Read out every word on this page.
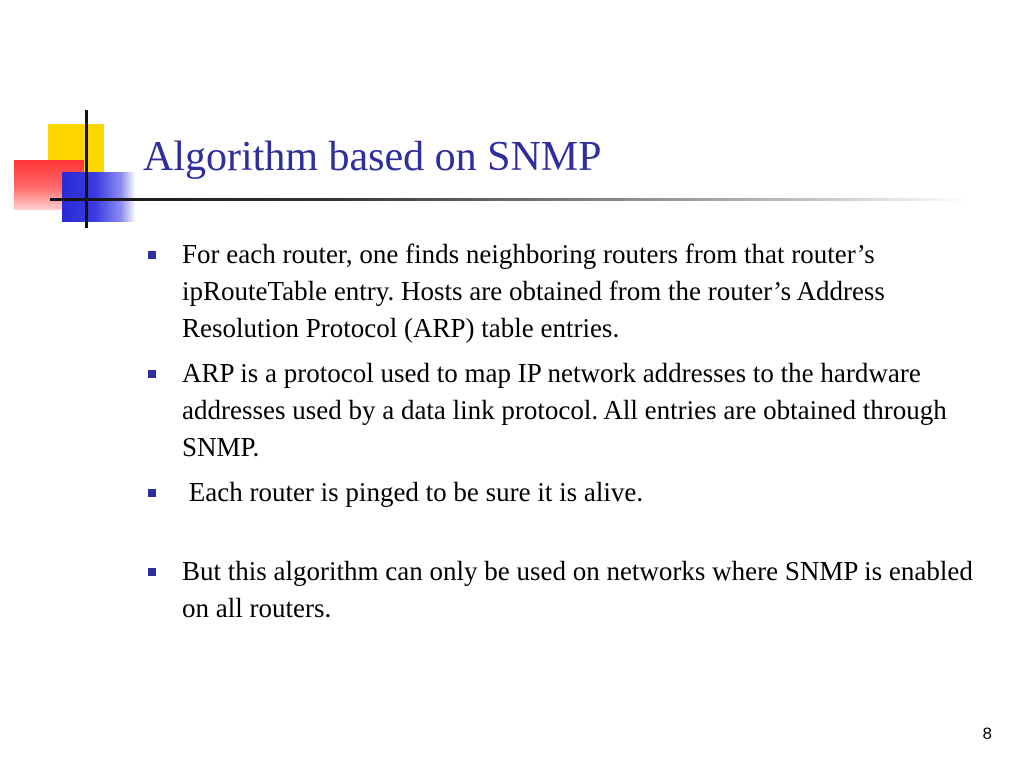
Algorithm based on SNMP
For each router, one finds neighboring routers from that router’s ipRouteTable entry. Hosts are obtained from the router’s Address Resolution Protocol (ARP) table entries.
ARP is a protocol used to map IP network addresses to the hardware addresses used by a data link protocol. All entries are obtained through SNMP.
Each router is pinged to be sure it is alive.
But this algorithm can only be used on networks where SNMP is enabled on all routers.
8
